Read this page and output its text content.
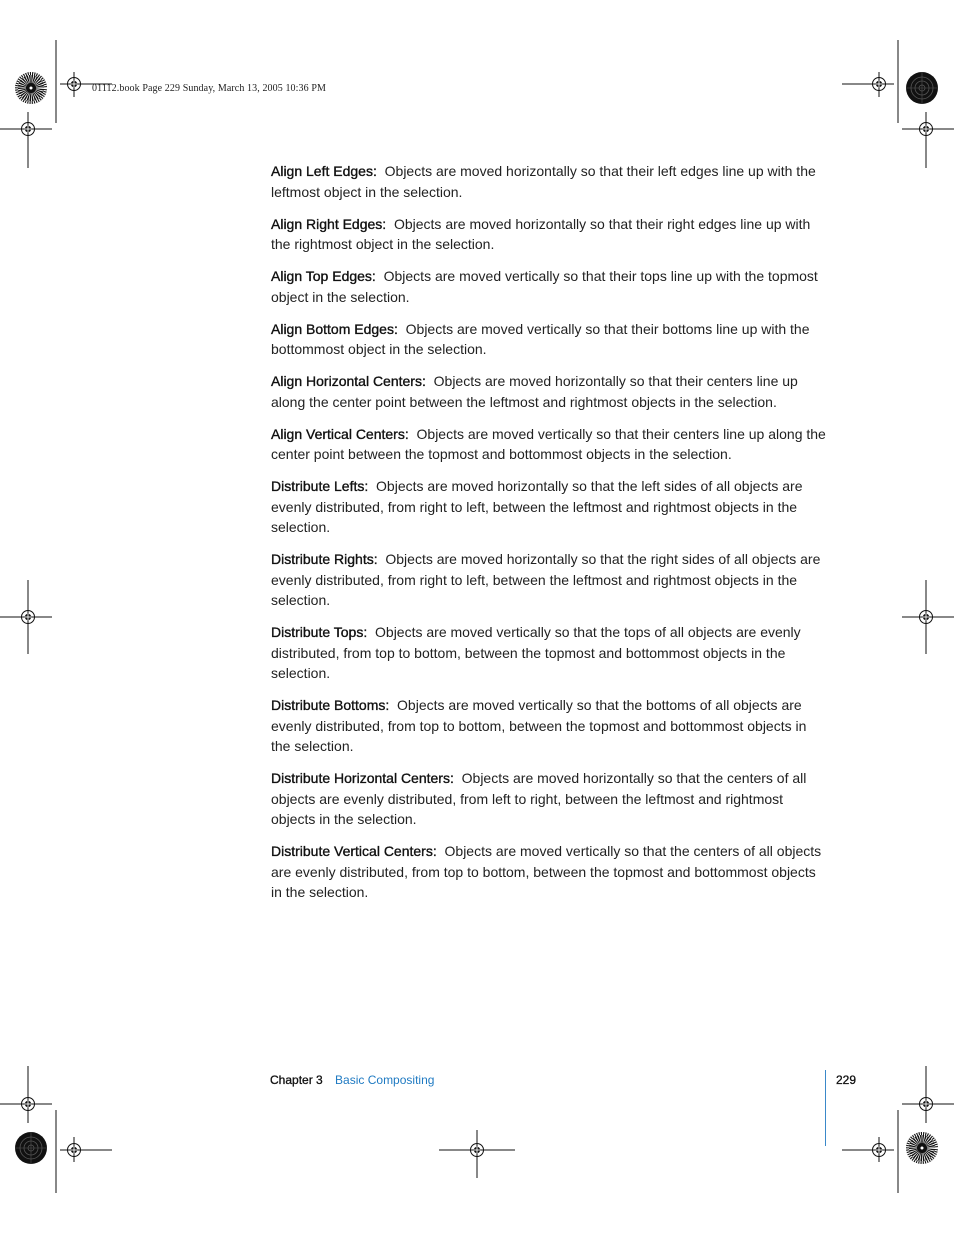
01112.book Page 229 Sunday, March 13, 2005 10:36 PM

Align Left Edges: Objects are moved horizontally so that their left edges line up with the leftmost object in the selection.

Align Right Edges: Objects are moved horizontally so that their right edges line up with the rightmost object in the selection.

Align Top Edges: Objects are moved vertically so that their tops line up with the topmost object in the selection.

Align Bottom Edges: Objects are moved vertically so that their bottoms line up with the bottommost object in the selection.

Align Horizontal Centers: Objects are moved horizontally so that their centers line up along the center point between the leftmost and rightmost objects in the selection.

Align Vertical Centers: Objects are moved vertically so that their centers line up along the center point between the topmost and bottommost objects in the selection.

Distribute Lefts: Objects are moved horizontally so that the left sides of all objects are evenly distributed, from right to left, between the leftmost and rightmost objects in the selection.

Distribute Rights: Objects are moved horizontally so that the right sides of all objects are evenly distributed, from right to left, between the leftmost and rightmost objects in the selection.

Distribute Tops: Objects are moved vertically so that the tops of all objects are evenly distributed, from top to bottom, between the topmost and bottommost objects in the selection.

Distribute Bottoms: Objects are moved vertically so that the bottoms of all objects are evenly distributed, from top to bottom, between the topmost and bottommost objects in the selection.

Distribute Horizontal Centers: Objects are moved horizontally so that the centers of all objects are evenly distributed, from left to right, between the leftmost and rightmost objects in the selection.

Distribute Vertical Centers: Objects are moved vertically so that the centers of all objects are evenly distributed, from top to bottom, between the topmost and bottommost objects in the selection.

Chapter 3 Basic Compositing	229
